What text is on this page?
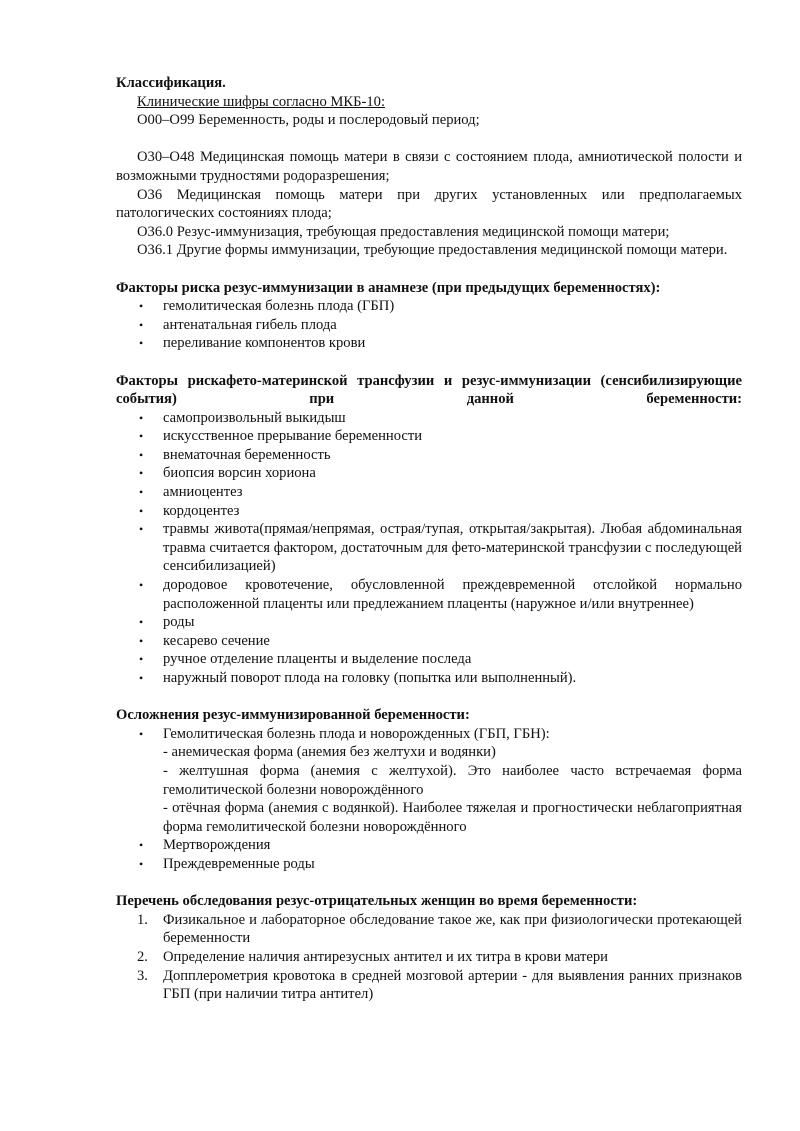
Классификация.

Клинические шифры согласно МКБ-10:

О00–О99 Беременность, роды и послеродовый период;

О30–О48 Медицинская помощь матери в связи с состоянием плода, амниотической полости и возможными трудностями родоразрешения;

О36 Медицинская помощь матери при других установленных или предполагаемых патологических состояниях плода;

О36.0 Резус-иммунизация, требующая предоставления медицинской помощи матери;

О36.1 Другие формы иммунизации, требующие предоставления медицинской помощи матери.

Факторы риска резус-иммунизации в анамнезе (при предыдущих беременностях):

• гемолитическая болезнь плода (ГБП)
• антенатальная гибель плода
• переливание компонентов крови

Факторы рискафето-материнской трансфузии и резус-иммунизации (сенсибилизирующие события) при данной беременности:

• самопроизвольный выкидыш
• искусственное прерывание беременности
• внематочная беременность
• биопсия ворсин хориона
• амниоцентез
• кордоцентез
• травмы живота(прямая/непрямая, острая/тупая, открытая/закрытая). Любая абдоминальная травма считается фактором, достаточным для фето-материнской трансфузии с последующей сенсибилизацией)
• дородовое кровотечение, обусловленной преждевременной отслойкой нормально расположенной плаценты или предлежанием плаценты (наружное и/или внутреннее)
• роды
• кесарево сечение
• ручное отделение плаценты и выделение последа
• наружный поворот плода на головку (попытка или выполненный).

Осложнения резус-иммунизированной беременности:

• Гемолитическая болезнь плода и новорожденных (ГБП, ГБН):

- анемическая форма (анемия без желтухи и водянки)

- желтушная форма (анемия с желтухой). Это наиболее часто встречаемая форма гемолитической болезни новорождённого

- отёчная форма (анемия с водянкой). Наиболее тяжелая и прогностически неблагоприятная форма гемолитической болезни новорождённого

• Мертворождения
• Преждевременные роды

Перечень обследования резус-отрицательных женщин во время беременности:

1. Физикальное и лабораторное обследование такое же, как при физиологически протекающей беременности
2. Определение наличия антирезусных антител и их титра в крови матери
3. Допплерометрия кровотока в средней мозговой артерии - для выявления ранних признаков ГБП (при наличии титра антител)
